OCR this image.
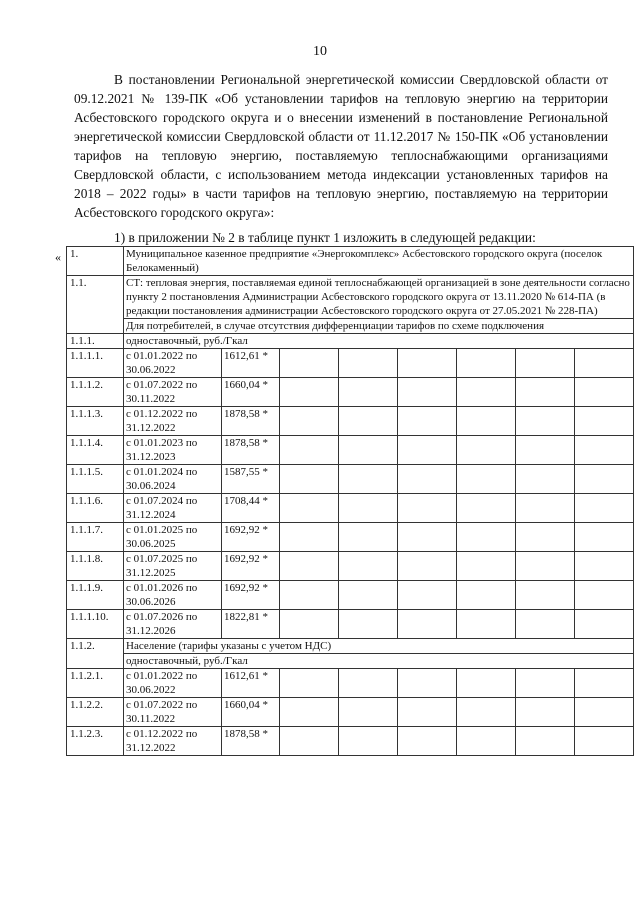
10

В постановлении Региональной энергетической комиссии Свердловской области от 09.12.2021 № 139-ПК «Об установлении тарифов на тепловую энергию на территории Асбестовского городского округа и о внесении изменений в постановление Региональной энергетической комиссии Свердловской области от 11.12.2017 № 150-ПК «Об установлении тарифов на тепловую энергию, поставляемую теплоснабжающими организациями Свердловской области, с использованием метода индексации установленных тарифов на 2018 – 2022 годы» в части тарифов на тепловую энергию, поставляемую на территории Асбестовского городского округа»:

1) в приложении № 2 в таблице пункт 1 изложить в следующей редакции:

« 1.	Муниципальное казенное предприятие «Энергокомплекс» Асбестовского городского округа (поселок Белокаменный)							
1.1.	СТ: тепловая энергия, поставляемая единой теплоснабжающей организацией в зоне деятельности согласно пункту 2 постановления Администрации Асбестовского городского округа от 13.11.2020 № 614-ПА (в редакции постановления администрации Асбестовского городского округа от 27.05.2021 № 228-ПА)							
	Для потребителей, в случае отсутствия дифференциации тарифов по схеме подключения							
1.1.1.	одноставочный, руб./Гкал							
1.1.1.1.	с 01.01.2022 по 30.06.2022	1612,61 *						
1.1.1.2.	с 01.07.2022 по 30.11.2022	1660,04 *						
1.1.1.3.	с 01.12.2022 по 31.12.2022	1878,58 *						
1.1.1.4.	с 01.01.2023 по 31.12.2023	1878,58 *						
1.1.1.5.	с 01.01.2024 по 30.06.2024	1587,55 *						
1.1.1.6.	с 01.07.2024 по 31.12.2024	1708,44 *						
1.1.1.7.	с 01.01.2025 по 30.06.2025	1692,92 *						
1.1.1.8.	с 01.07.2025 по 31.12.2025	1692,92 *						
1.1.1.9.	с 01.01.2026 по 30.06.2026	1692,92 *						
1.1.1.10.	с 01.07.2026 по 31.12.2026	1822,81 *						
1.1.2.	Население (тарифы указаны с учетом НДС)							
	одноставочный, руб./Гкал							
1.1.2.1.	с 01.01.2022 по 30.06.2022	1612,61 *						
1.1.2.2.	с 01.07.2022 по 30.11.2022	1660,04 *						
1.1.2.3.	с 01.12.2022 по 31.12.2022	1878,58 *						
